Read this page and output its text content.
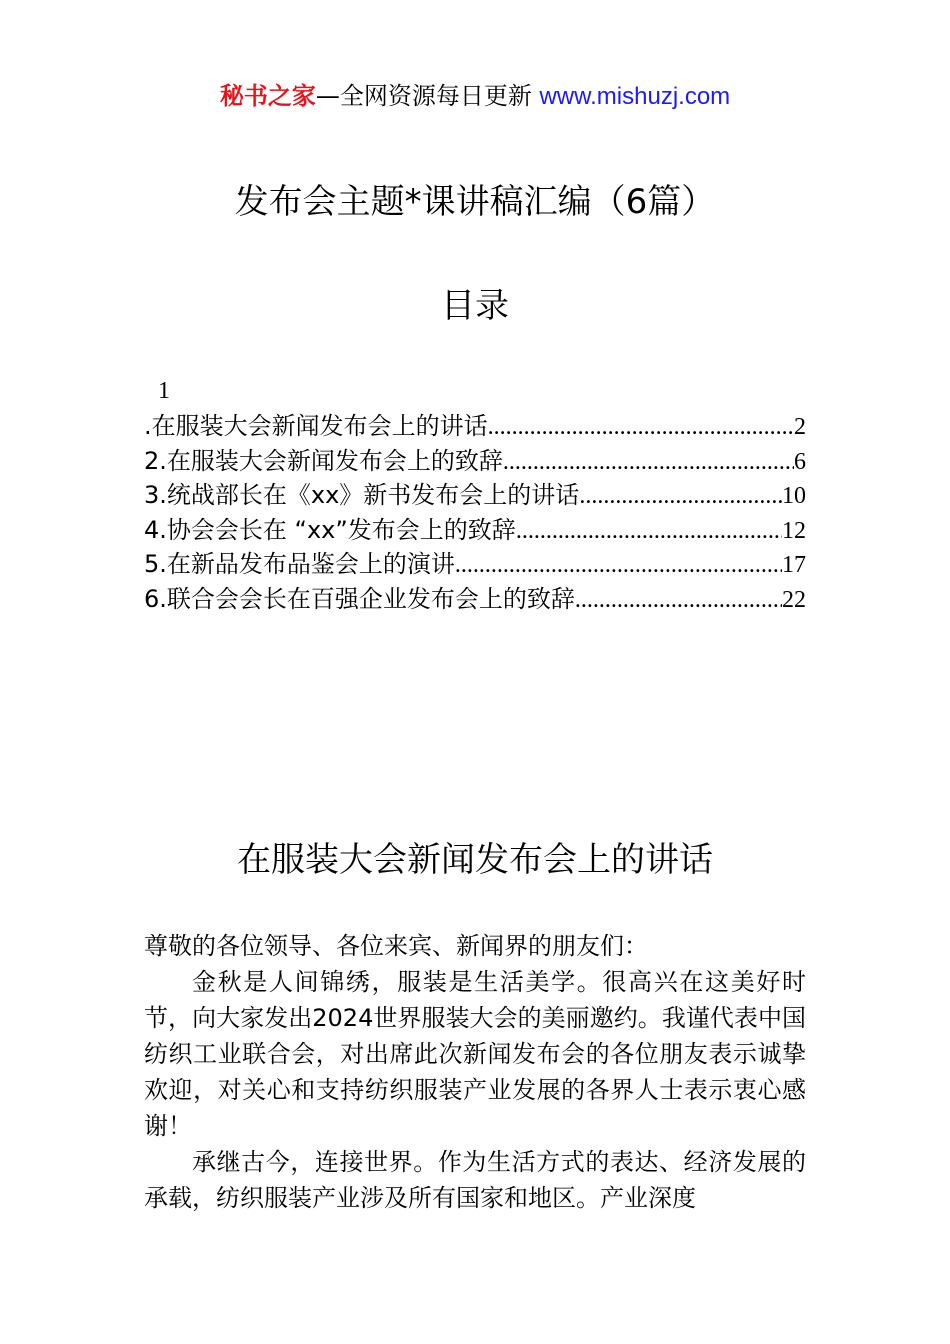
秘书之家—全网资源每日更新 www.mishuzj.com
发布会主题*课讲稿汇编（6篇）
目录
1
.在服装大会新闻发布会上的讲话 .....	2
2.在服装大会新闻发布会上的致辞 .....	6
3.统战部长在《xx》新书发布会上的讲话 .....	10
4.协会会长在 “xx”发布会上的致辞 .....	12
5.在新品发布品鉴会上的演讲 .....	17
6.联合会会长在百强企业发布会上的致辞 .....	22
在服装大会新闻发布会上的讲话

尊敬的各位领导、各位来宾、新闻界的朋友们：

金秋是人间锦绣，服装是生活美学。很高兴在这美好时节，向大家发出2024世界服装大会的美丽邀约。我谨代表中国纺织工业联合会，对出席此次新闻发布会的各位朋友表示诚挚欢迎，对关心和支持纺织服装产业发展的各界人士表示衷心感谢！

承继古今，连接世界。作为生活方式的表达、经济发展的承载，纺织服装产业涉及所有国家和地区。产业深度
